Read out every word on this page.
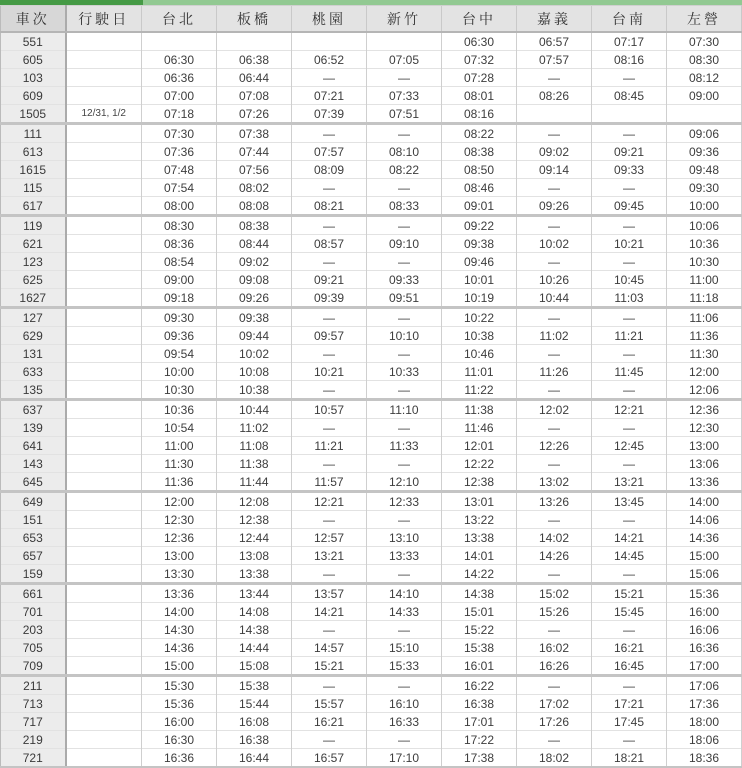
車次	行駛日	台北	板橋	桃園	新竹	台中	嘉義	台南	左營
551						06:30	06:57	07:17	07:30
605		06:30	06:38	06:52	07:05	07:32	07:57	08:16	08:30
103		06:36	06:44	—	—	07:28	—	—	08:12
609		07:00	07:08	07:21	07:33	08:01	08:26	08:45	09:00
1505	12/31, 1/2	07:18	07:26	07:39	07:51	08:16			
111		07:30	07:38	—	—	08:22	—	—	09:06
613		07:36	07:44	07:57	08:10	08:38	09:02	09:21	09:36
1615		07:48	07:56	08:09	08:22	08:50	09:14	09:33	09:48
115		07:54	08:02	—	—	08:46	—	—	09:30
617		08:00	08:08	08:21	08:33	09:01	09:26	09:45	10:00
119		08:30	08:38	—	—	09:22	—	—	10:06
621		08:36	08:44	08:57	09:10	09:38	10:02	10:21	10:36
123		08:54	09:02	—	—	09:46	—	—	10:30
625		09:00	09:08	09:21	09:33	10:01	10:26	10:45	11:00
1627		09:18	09:26	09:39	09:51	10:19	10:44	11:03	11:18
127		09:30	09:38	—	—	10:22	—	—	11:06
629		09:36	09:44	09:57	10:10	10:38	11:02	11:21	11:36
131		09:54	10:02	—	—	10:46	—	—	11:30
633		10:00	10:08	10:21	10:33	11:01	11:26	11:45	12:00
135		10:30	10:38	—	—	11:22	—	—	12:06
637		10:36	10:44	10:57	11:10	11:38	12:02	12:21	12:36
139		10:54	11:02	—	—	11:46	—	—	12:30
641		11:00	11:08	11:21	11:33	12:01	12:26	12:45	13:00
143		11:30	11:38	—	—	12:22	—	—	13:06
645		11:36	11:44	11:57	12:10	12:38	13:02	13:21	13:36
649		12:00	12:08	12:21	12:33	13:01	13:26	13:45	14:00
151		12:30	12:38	—	—	13:22	—	—	14:06
653		12:36	12:44	12:57	13:10	13:38	14:02	14:21	14:36
657		13:00	13:08	13:21	13:33	14:01	14:26	14:45	15:00
159		13:30	13:38	—	—	14:22	—	—	15:06
661		13:36	13:44	13:57	14:10	14:38	15:02	15:21	15:36
701		14:00	14:08	14:21	14:33	15:01	15:26	15:45	16:00
203		14:30	14:38	—	—	15:22	—	—	16:06
705		14:36	14:44	14:57	15:10	15:38	16:02	16:21	16:36
709		15:00	15:08	15:21	15:33	16:01	16:26	16:45	17:00
211		15:30	15:38	—	—	16:22	—	—	17:06
713		15:36	15:44	15:57	16:10	16:38	17:02	17:21	17:36
717		16:00	16:08	16:21	16:33	17:01	17:26	17:45	18:00
219		16:30	16:38	—	—	17:22	—	—	18:06
721		16:36	16:44	16:57	17:10	17:38	18:02	18:21	18:36
